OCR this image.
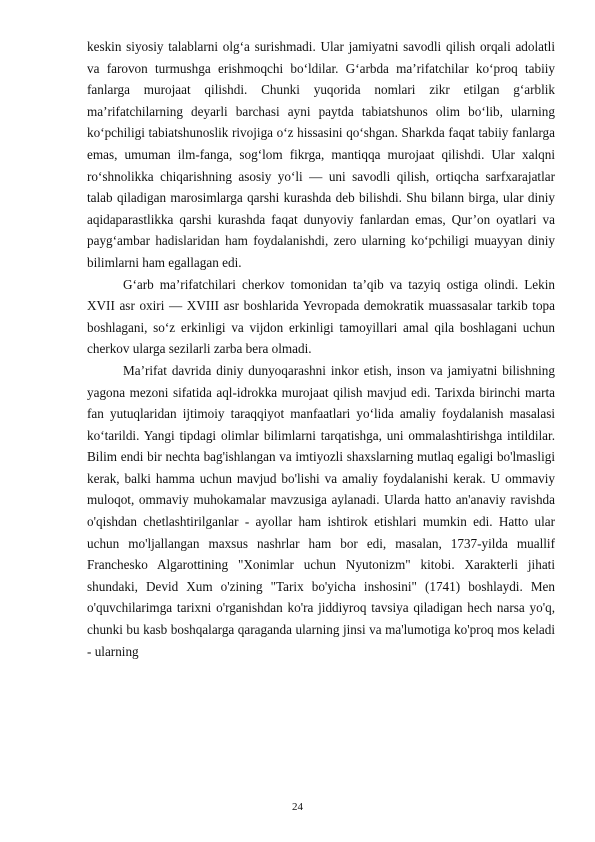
keskin siyosiy talablarni olg‘a surishmadi. Ular jamiyatni savodli qilish orqali adolatli va farovon turmushga erishmoqchi bo‘ldilar. G‘arbda ma’rifatchilar ko‘proq tabiiy fanlarga murojaat qilishdi. Chunki yuqorida nomlari zikr etilgan g‘arblik ma’rifatchilarning deyarli barchasi ayni paytda tabiatshunos olim bo‘lib, ularning ko‘pchiligi tabiatshunoslik rivojiga o‘z hissasini qo‘shgan. Sharkda faqat tabiiy fanlarga emas, umuman ilm-fanga, sog‘lom fikrga, mantiqqa murojaat qilishdi. Ular xalqni ro‘shnolikka chiqarishning asosiy yo‘li — uni savodli qilish, ortiqcha sarfxarajatlar talab qiladigan marosimlarga qarshi kurashda deb bilishdi. Shu bilann birga, ular diniy aqidaparastlikka qarshi kurashda faqat dunyoviy fanlardan emas, Qur’on oyatlari va payg‘ambar hadislaridan ham foydalanishdi, zero ularning ko‘pchiligi muayyan diniy bilimlarni ham egallagan edi.

G‘arb ma’rifatchilari cherkov tomonidan ta’qib va tazyiq ostiga olindi. Lekin XVII asr oxiri — XVIII asr boshlarida Yevropada demokratik muassasalar tarkib topa boshlagani, so‘z erkinligi va vijdon erkinligi tamoyillari amal qila boshlagani uchun cherkov ularga sezilarli zarba bera olmadi.

Ma’rifat davrida diniy dunyoqarashni inkor etish, inson va jamiyatni bilishning yagona mezoni sifatida aql-idrokka murojaat qilish mavjud edi. Tarixda birinchi marta fan yutuqlaridan ijtimoiy taraqqiyot manfaatlari yo‘lida amaliy foydalanish masalasi ko‘tarildi. Yangi tipdagi olimlar bilimlarni tarqatishga, uni ommalashtirishga intildilar. Bilim endi bir nechta bag'ishlangan va imtiyozli shaxslarning mutlaq egaligi bo'lmasligi kerak, balki hamma uchun mavjud bo'lishi va amaliy foydalanishi kerak. U ommaviy muloqot, ommaviy muhokamalar mavzusiga aylanadi. Ularda hatto an'anaviy ravishda o'qishdan chetlashtirilganlar - ayollar ham ishtirok etishlari mumkin edi. Hatto ular uchun mo'ljallangan maxsus nashrlar ham bor edi, masalan, 1737-yilda muallif Franchesko Algarottining "Xonimlar uchun Nyutonizm" kitobi. Xarakterli jihati shundaki, Devid Xum o'zining "Tarix bo'yicha inshosini" (1741) boshlaydi. Men o'quvchilarimga tarixni o'rganishdan ko'ra jiddiyroq tavsiya qiladigan hech narsa yo'q, chunki bu kasb boshqalarga qaraganda ularning jinsi va ma'lumotiga ko'proq mos keladi - ularning

24
